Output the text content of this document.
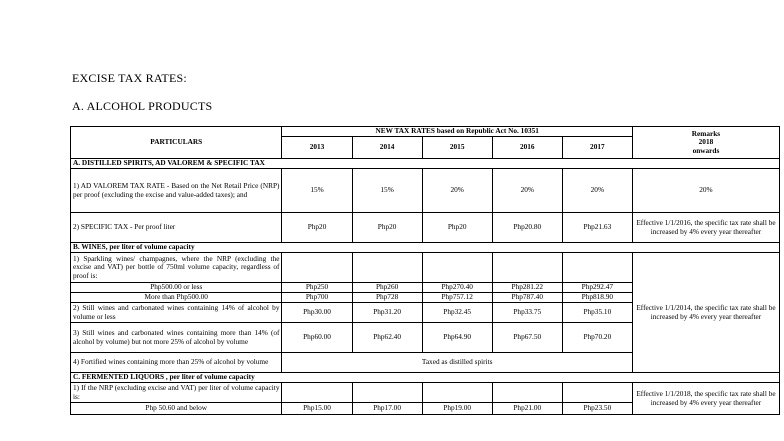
EXCISE TAX RATES:
A. ALCOHOL PRODUCTS
PARTICULARS	NEW TAX RATES based on Republic Act No. 10351					Remarks
2018
onwards

	2013	2014	2015	2016	2017	
A. DISTILLED SPIRITS, AD VALOREM & SPECIFIC TAX						
1) AD VALOREM TAX RATE - Based on the Net Retail Price (NRP) per proof (excluding the excise and value-added taxes); and	15%	15%	20%	20%	20%	20%
2) SPECIFIC TAX - Per proof liter	Php20	Php20	Php20	Php20.80	Php21.63	Effective 1/1/2016, the specific tax rate shall be increased by 4% every year thereafter
B. WINES, per liter of volume capacity						
1) Sparkling wines/ champagnes, where the NRP (excluding the excise and VAT) per bottle of 750ml volume capacity, regardless of proof is:						Effective 1/1/2014, the specific tax rate shall be increased by 4% every year thereafter
Php500.00 or less	Php250	Php260	Php270.40	Php281.22	Php292.47	
More than Php500.00	Php700	Php728	Php757.12	Php787.40	Php818.90	
2) Still wines and carbonated wines containing 14% of alcohol by volume or less	Php30.00	Php31.20	Php32.45	Php33.75	Php35.10	
3) Still wines and carbonated wines containing more than 14% (of alcohol by volume) but not more 25% of alcohol by volume	Php60.00	Php62.40	Php64.90	Php67.50	Php70.20	
4) Fortified wines containing more than 25% of alcohol by volume	Taxed as distilled spirits					
C. FERMENTED LIQUORS , per liter of volume capacity						
1) If the NRP (excluding excise and VAT) per liter of volume capacity is:						Effective 1/1/2018, the specific tax rate shall be increased by 4% every year thereafter
Php 50.60 and below	Php15.00	Php17.00	Php19.00	Php21.00	Php23.50	
